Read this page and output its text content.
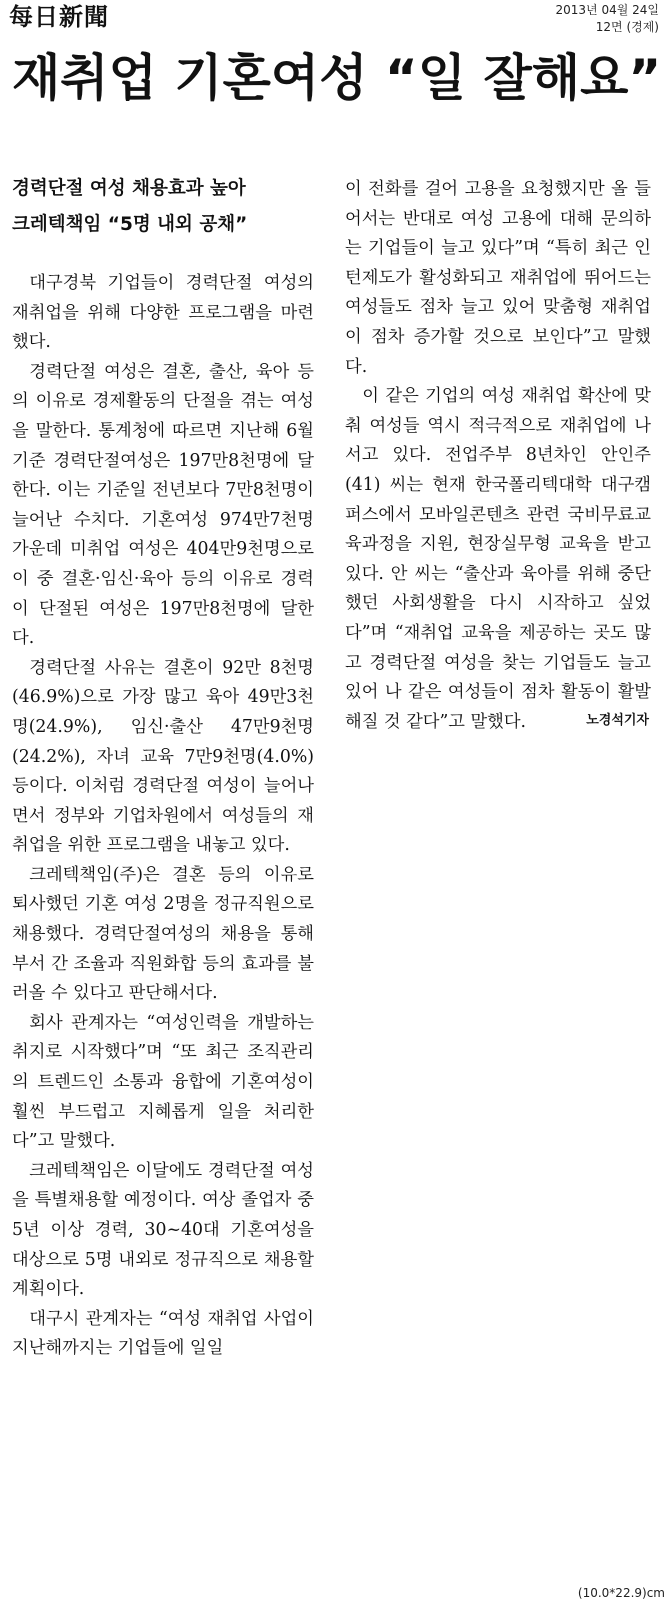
每日新聞	2013년 04월 24일
12면 (경제)
재취업 기혼여성 “일 잘해요”

경력단절 여성 채용효과 높아

크레텍책임 “5명 내외 공채”

대구경북 기업들이 경력단절 여성의 재취업을 위해 다양한 프로그램을 마련했다.

경력단절 여성은 결혼, 출산, 육아 등의 이유로 경제활동의 단절을 겪는 여성을 말한다. 통계청에 따르면 지난해 6월 기준 경력단절여성은 197만8천명에 달한다. 이는 기준일 전년보다 7만8천명이 늘어난 수치다. 기혼여성 974만7천명 가운데 미취업 여성은 404만9천명으로 이 중 결혼·임신·육아 등의 이유로 경력이 단절된 여성은 197만8천명에 달한다.

경력단절 사유는 결혼이 92만 8천명(46.9%)으로 가장 많고 육아 49만3천명(24.9%), 임신·출산 47만9천명(24.2%), 자녀 교육 7만9천명(4.0%) 등이다. 이처럼 경력단절 여성이 늘어나면서 정부와 기업차원에서 여성들의 재취업을 위한 프로그램을 내놓고 있다.

크레텍책임(주)은 결혼 등의 이유로 퇴사했던 기혼 여성 2명을 정규직원으로 채용했다. 경력단절여성의 채용을 통해 부서 간 조율과 직원화합 등의 효과를 불러올 수 있다고 판단해서다.

회사 관계자는 “여성인력을 개발하는 취지로 시작했다”며 “또 최근 조직관리의 트렌드인 소통과 융합에 기혼여성이 훨씬 부드럽고 지혜롭게 일을 처리한다”고 말했다.

크레텍책임은 이달에도 경력단절 여성을 특별채용할 예정이다. 여상 졸업자 중 5년 이상 경력, 30~40대 기혼여성을 대상으로 5명 내외로 정규직으로 채용할 계획이다.

대구시 관계자는 “여성 재취업 사업이 지난해까지는 기업들에 일일

이 전화를 걸어 고용을 요청했지만 올 들어서는 반대로 여성 고용에 대해 문의하는 기업들이 늘고 있다”며 “특히 최근 인턴제도가 활성화되고 재취업에 뛰어드는 여성들도 점차 늘고 있어 맞춤형 재취업이 점차 증가할 것으로 보인다”고 말했다.

이 같은 기업의 여성 재취업 확산에 맞춰 여성들 역시 적극적으로 재취업에 나서고 있다. 전업주부 8년차인 안인주(41) 씨는 현재 한국폴리텍대학 대구캠퍼스에서 모바일콘텐츠 관련 국비무료교육과정을 지원, 현장실무형 교육을 받고 있다. 안 씨는 “출산과 육아를 위해 중단했던 사회생활을 다시 시작하고 싶었다”며 “재취업 교육을 제공하는 곳도 많고 경력단절 여성을 찾는 기업들도 늘고 있어 나 같은 여성들이 점차 활동이 활발해질 것 같다”고 말했다.	노경석기자
(10.0*22.9)cm
